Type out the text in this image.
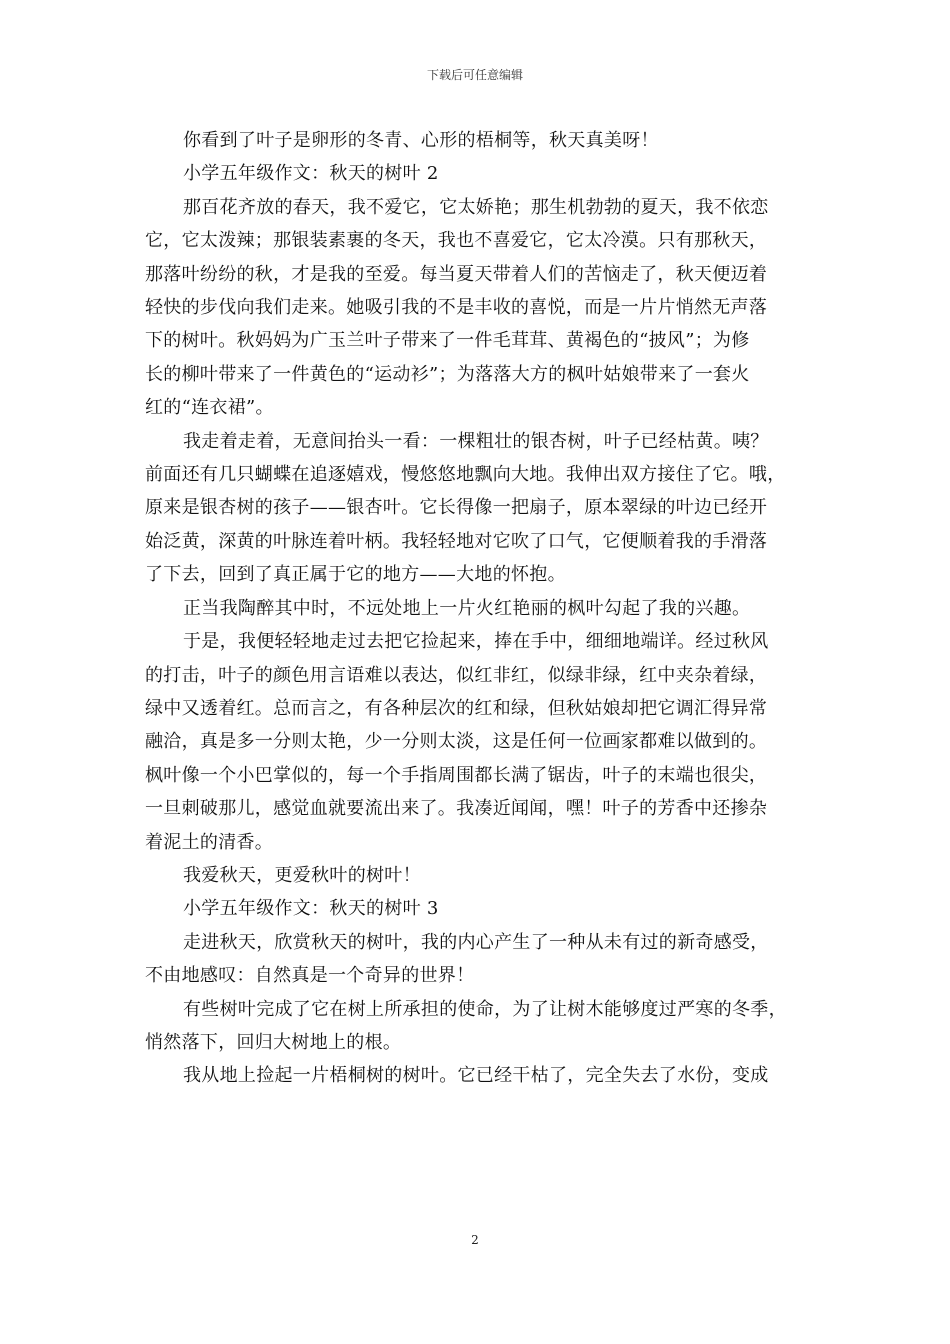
下载后可任意编辑

你看到了叶子是卵形的冬青、心形的梧桐等，秋天真美呀！

小学五年级作文：秋天的树叶 2

那百花齐放的春天，我不爱它，它太娇艳；那生机勃勃的夏天，我不依恋
它，它太泼辣；那银装素裹的冬天，我也不喜爱它，它太冷漠。只有那秋天，
那落叶纷纷的秋，才是我的至爱。每当夏天带着人们的苦恼走了，秋天便迈着
轻快的步伐向我们走来。她吸引我的不是丰收的喜悦，而是一片片悄然无声落
下的树叶。秋妈妈为广玉兰叶子带来了一件毛茸茸、黄褐色的“披风”；为修
长的柳叶带来了一件黄色的“运动衫”；为落落大方的枫叶姑娘带来了一套火
红的“连衣裙”。

我走着走着，无意间抬头一看：一棵粗壮的银杏树，叶子已经枯黄。咦？
前面还有几只蝴蝶在追逐嬉戏，慢悠悠地飘向大地。我伸出双方接住了它。哦，
原来是银杏树的孩子——银杏叶。它长得像一把扇子，原本翠绿的叶边已经开
始泛黄，深黄的叶脉连着叶柄。我轻轻地对它吹了口气，它便顺着我的手滑落
了下去，回到了真正属于它的地方——大地的怀抱。

正当我陶醉其中时，不远处地上一片火红艳丽的枫叶勾起了我的兴趣。

于是，我便轻轻地走过去把它捡起来，捧在手中，细细地端详。经过秋风
的打击，叶子的颜色用言语难以表达，似红非红，似绿非绿，红中夹杂着绿，
绿中又透着红。总而言之，有各种层次的红和绿，但秋姑娘却把它调汇得异常
融洽，真是多一分则太艳，少一分则太淡，这是任何一位画家都难以做到的。
枫叶像一个小巴掌似的，每一个手指周围都长满了锯齿，叶子的末端也很尖，
一旦刺破那儿，感觉血就要流出来了。我凑近闻闻，嘿！叶子的芳香中还掺杂
着泥土的清香。

我爱秋天，更爱秋叶的树叶！

小学五年级作文：秋天的树叶 3

走进秋天，欣赏秋天的树叶，我的内心产生了一种从未有过的新奇感受，
不由地感叹：自然真是一个奇异的世界！

有些树叶完成了它在树上所承担的使命，为了让树木能够度过严寒的冬季，
悄然落下，回归大树地上的根。

我从地上捡起一片梧桐树的树叶。它已经干枯了，完全失去了水份，变成

2
